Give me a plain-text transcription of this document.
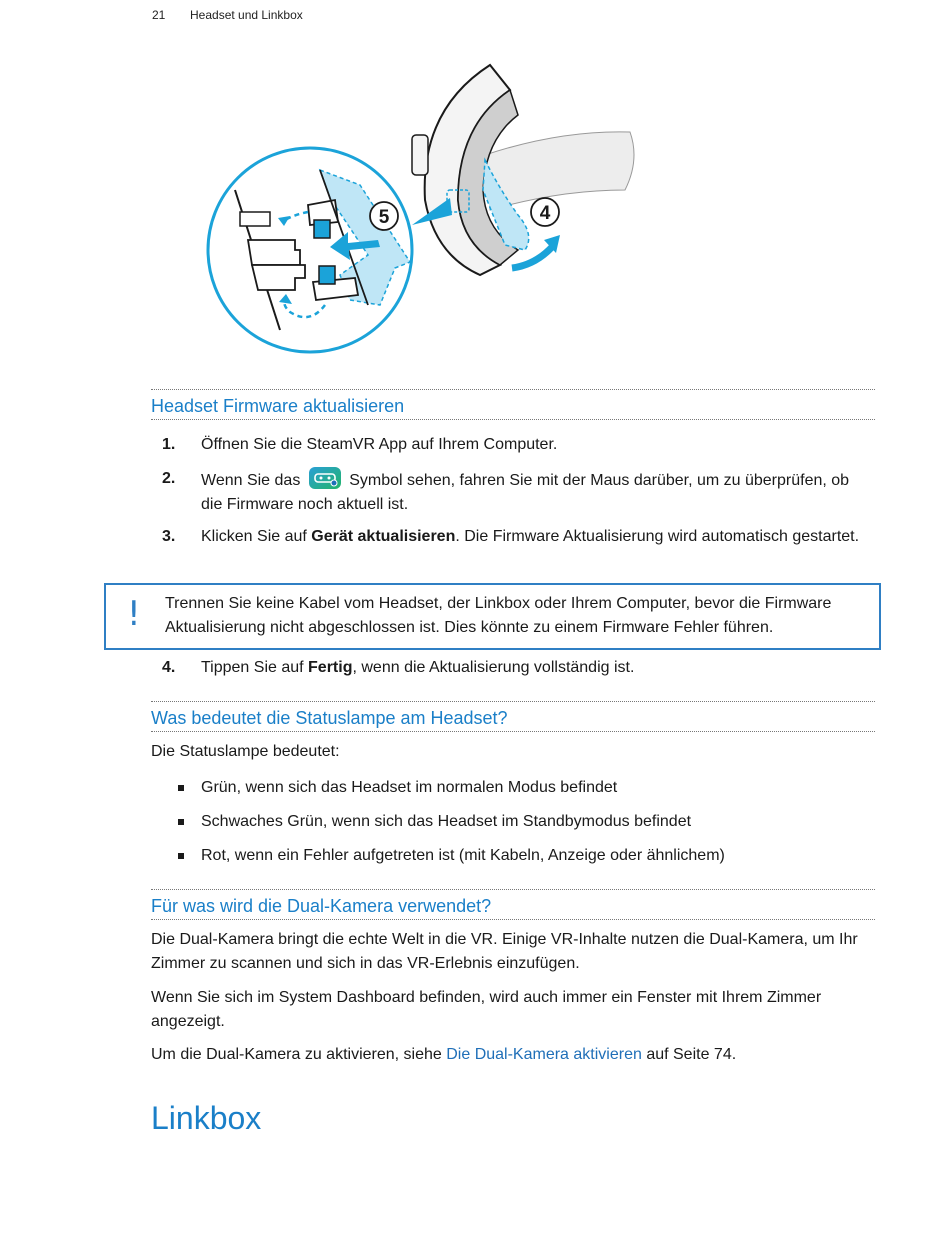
21 Headset und Linkbox
4
5
Headset Firmware aktualisieren
1. Öffnen Sie die SteamVR App auf Ihrem Computer.
2. Wenn Sie das	Symbol sehen, fahren Sie mit der Maus darüber, um zu überprüfen, ob die Firmware noch aktuell ist.
3. Klicken Sie auf Gerät aktualisieren. Die Firmware Aktualisierung wird automatisch gestartet.
! Trennen Sie keine Kabel vom Headset, der Linkbox oder Ihrem Computer, bevor die Firmware Aktualisierung nicht abgeschlossen ist. Dies könnte zu einem Firmware Fehler führen.
4. Tippen Sie auf Fertig, wenn die Aktualisierung vollständig ist.
Was bedeutet die Statuslampe am Headset?
Die Statuslampe bedeutet:
Grün, wenn sich das Headset im normalen Modus befindet
Schwaches Grün, wenn sich das Headset im Standbymodus befindet
Rot, wenn ein Fehler aufgetreten ist (mit Kabeln, Anzeige oder ähnlichem)
Für was wird die Dual-Kamera verwendet?
Die Dual-Kamera bringt die echte Welt in die VR. Einige VR-Inhalte nutzen die Dual-Kamera, um Ihr Zimmer zu scannen und sich in das VR-Erlebnis einzufügen.
Wenn Sie sich im System Dashboard befinden, wird auch immer ein Fenster mit Ihrem Zimmer angezeigt.
Um die Dual-Kamera zu aktivieren, siehe Die Dual-Kamera aktivieren auf Seite 74.
Linkbox
